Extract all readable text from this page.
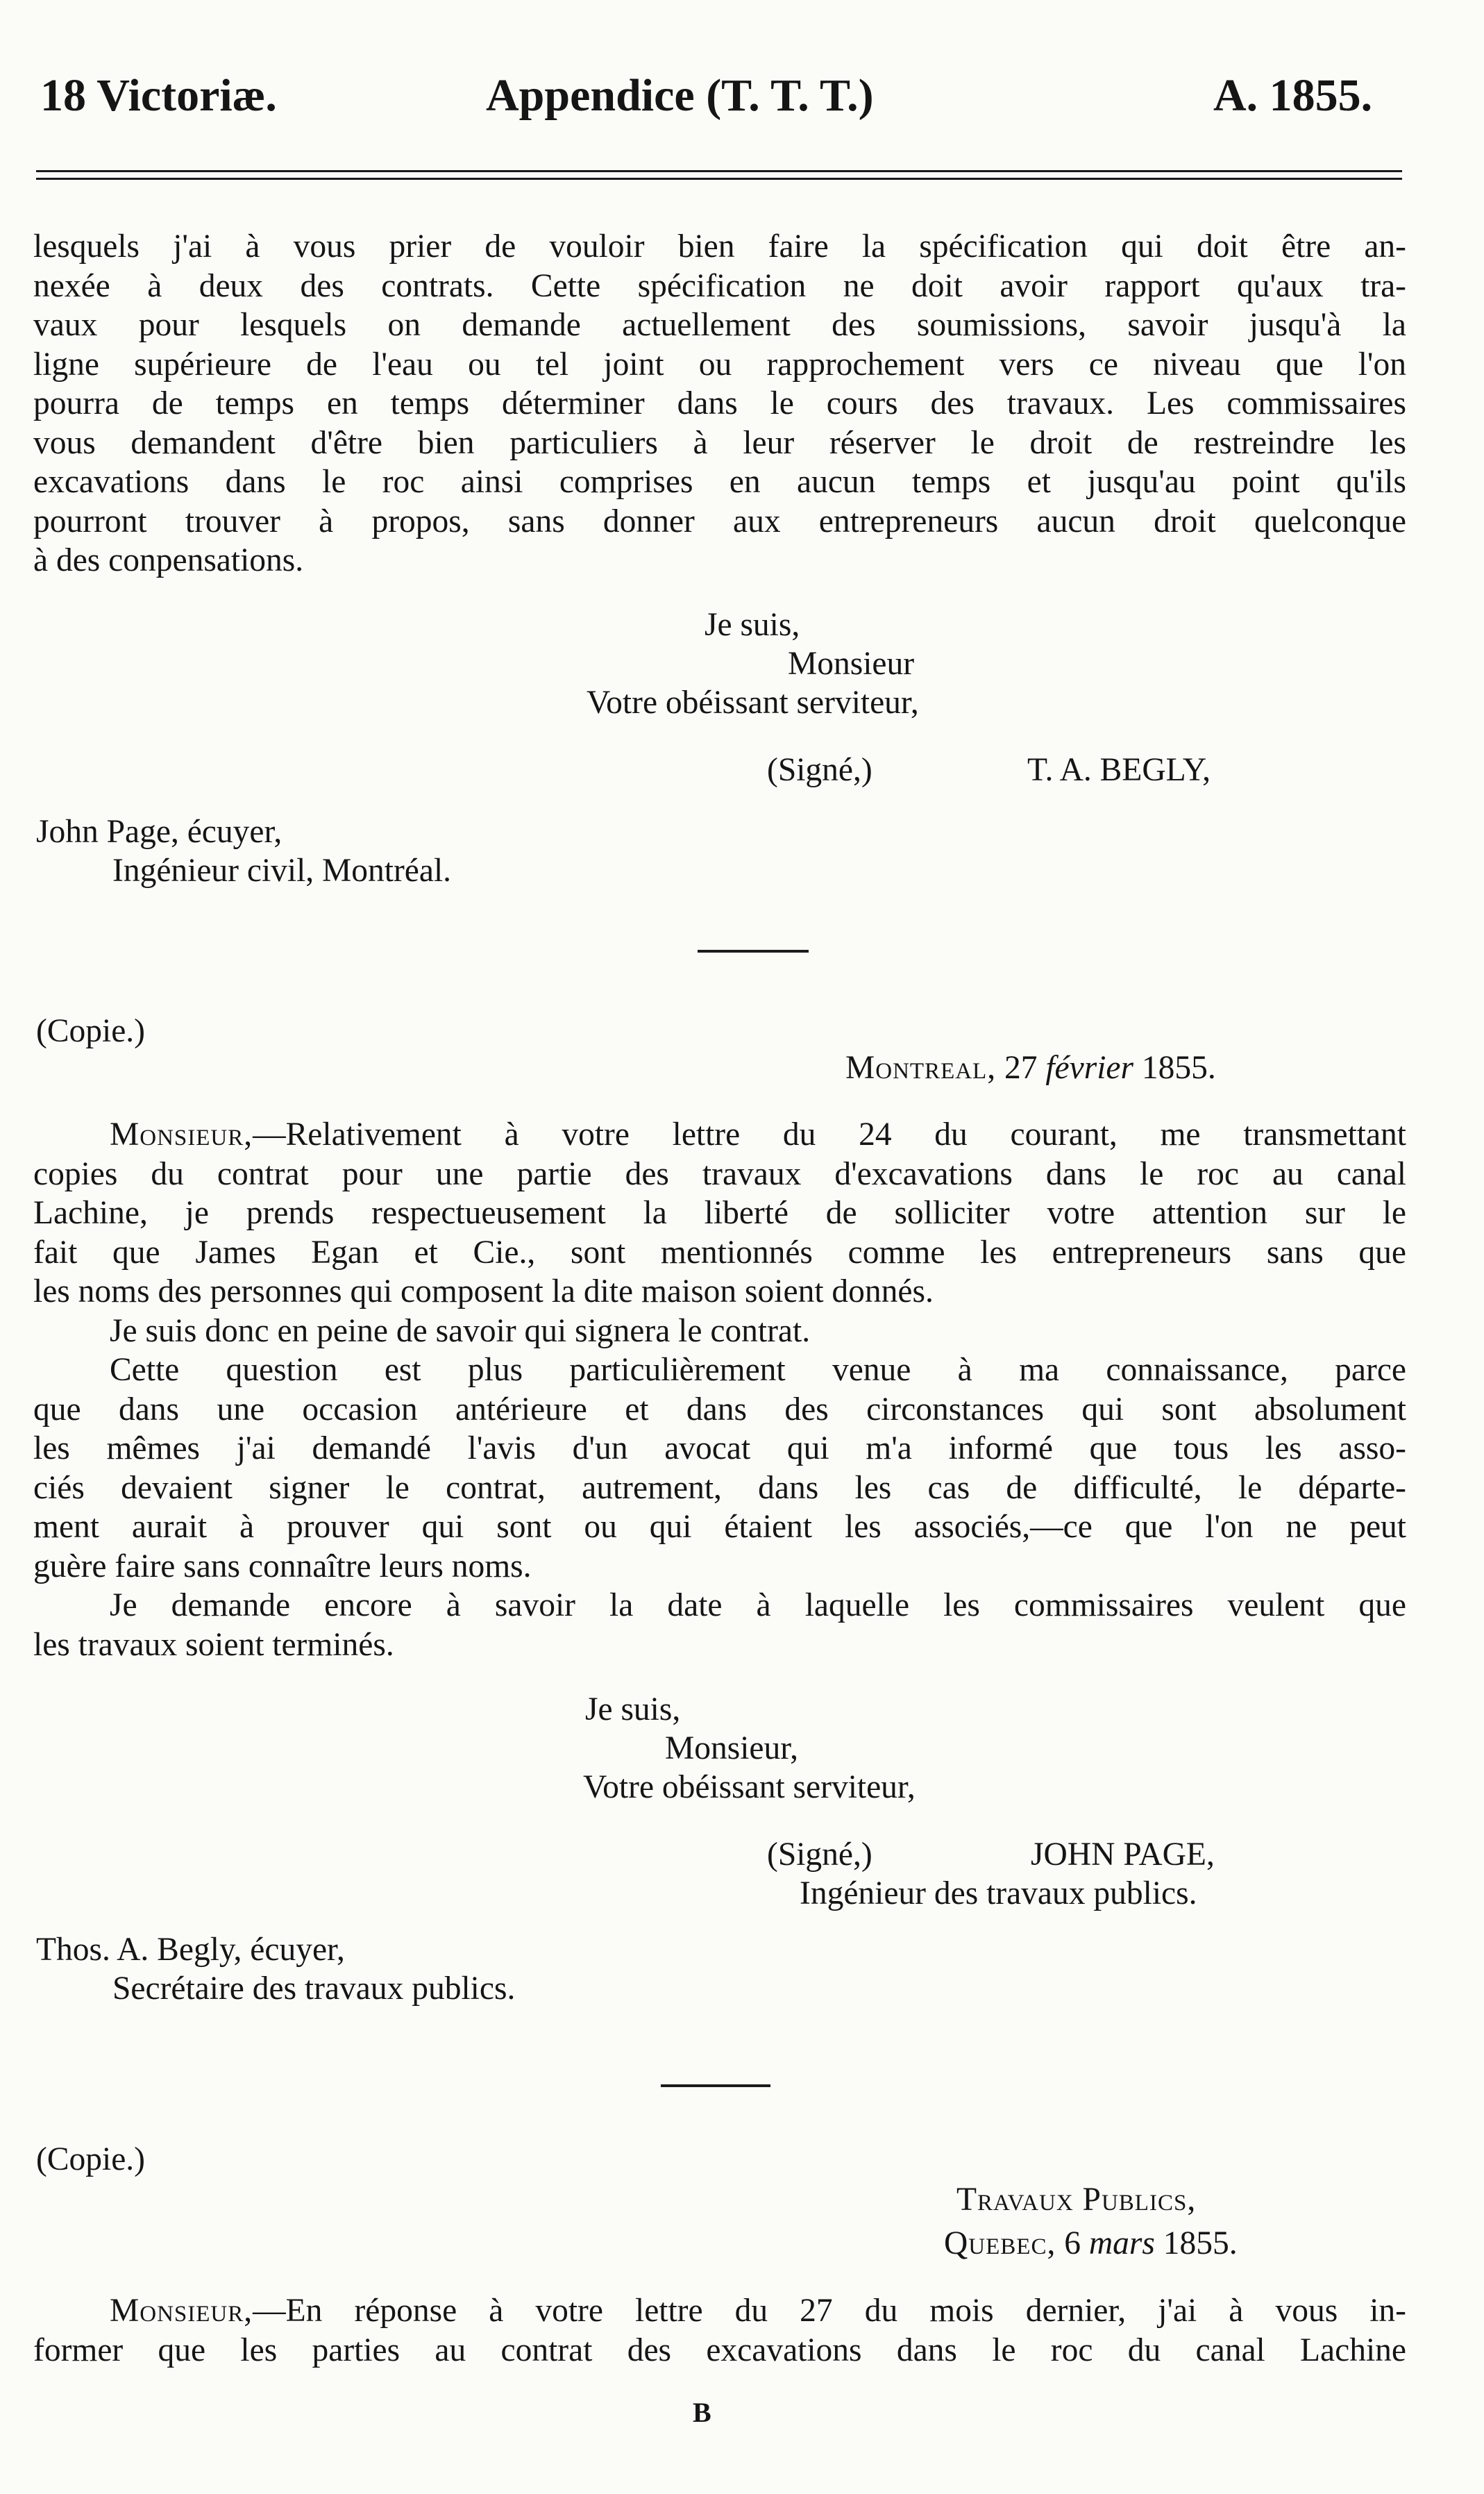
18 Victoriæ.	Appendice (T. T. T.)	A. 1855.
lesquels j'ai à vous prier de vouloir bien faire la spécification qui doit être an-
nexée à deux des contrats. Cette spécification ne doit avoir rapport qu'aux tra-
vaux pour lesquels on demande actuellement des soumissions, savoir jusqu'à la
ligne supérieure de l'eau ou tel joint ou rapprochement vers ce niveau que l'on
pourra de temps en temps déterminer dans le cours des travaux. Les commissaires
vous demandent d'être bien particuliers à leur réserver le droit de restreindre les
excavations dans le roc ainsi comprises en aucun temps et jusqu'au point qu'ils
pourront trouver à propos, sans donner aux entrepreneurs aucun droit quelconque
à des conpensations.
Je suis,
Monsieur
Votre obéissant serviteur,
(Signé,)	T. A. BEGLY,
John Page, écuyer,
Ingénieur civil, Montréal.
(Copie.)
Montreal, 27 février 1855.
Monsieur,—Relativement à votre lettre du 24 du courant, me transmettant
copies du contrat pour une partie des travaux d'excavations dans le roc au canal
Lachine, je prends respectueusement la liberté de solliciter votre attention sur le
fait que James Egan et Cie., sont mentionnés comme les entrepreneurs sans que
les noms des personnes qui composent la dite maison soient donnés.
Je suis donc en peine de savoir qui signera le contrat.
Cette question est plus particulièrement venue à ma connaissance, parce
que dans une occasion antérieure et dans des circonstances qui sont absolument
les mêmes j'ai demandé l'avis d'un avocat qui m'a informé que tous les asso-
ciés devaient signer le contrat, autrement, dans les cas de difficulté, le départe-
ment aurait à prouver qui sont ou qui étaient les associés,—ce que l'on ne peut
guère faire sans connaître leurs noms.
Je demande encore à savoir la date à laquelle les commissaires veulent que
les travaux soient terminés.
Je suis,
Monsieur,
Votre obéissant serviteur,
(Signé,)	JOHN PAGE,
Ingénieur des travaux publics.
Thos. A. Begly, écuyer,
Secrétaire des travaux publics.
(Copie.)
Travaux Publics,
Quebec, 6 mars 1855.
Monsieur,—En réponse à votre lettre du 27 du mois dernier, j'ai à vous in-
former que les parties au contrat des excavations dans le roc du canal Lachine
B
